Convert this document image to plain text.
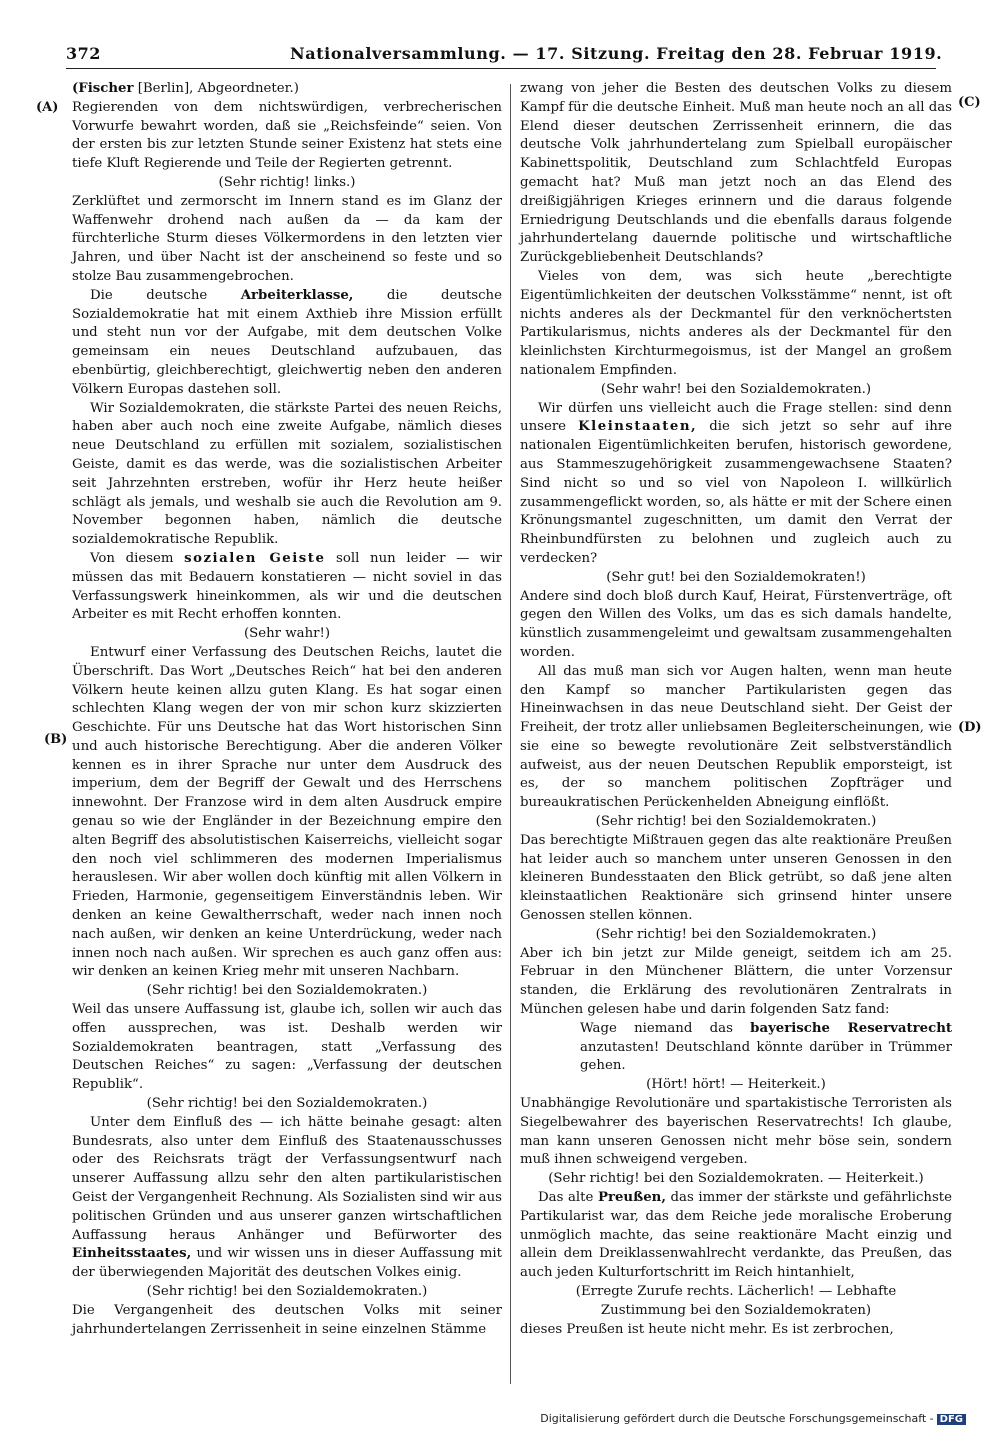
372	Nationalversammlung. — 17. Sitzung. Freitag den 28. Februar 1919.
(A)
(B)
(C)
(D)

(Fischer [Berlin], Abgeordneter.)

Regierenden von dem nichtswürdigen, verbrecherischen Vorwurfe bewahrt worden, daß sie „Reichsfeinde“ seien. Von der ersten bis zur letzten Stunde seiner Existenz hat stets eine tiefe Kluft Regierende und Teile der Regierten getrennt.

(Sehr richtig! links.)

Zerklüftet und zermorscht im Innern stand es im Glanz der Waffenwehr drohend nach außen da — da kam der fürchterliche Sturm dieses Völkermordens in den letzten vier Jahren, und über Nacht ist der anscheinend so feste und so stolze Bau zusammengebrochen.

Die deutsche Arbeiterklasse, die deutsche Sozialdemokratie hat mit einem Axthieb ihre Mission erfüllt und steht nun vor der Aufgabe, mit dem deutschen Volke gemeinsam ein neues Deutschland aufzubauen, das ebenbürtig, gleichberechtigt, gleichwertig neben den anderen Völkern Europas dastehen soll.

Wir Sozialdemokraten, die stärkste Partei des neuen Reichs, haben aber auch noch eine zweite Aufgabe, nämlich dieses neue Deutschland zu erfüllen mit sozialem, sozialistischen Geiste, damit es das werde, was die sozialistischen Arbeiter seit Jahrzehnten erstreben, wofür ihr Herz heute heißer schlägt als jemals, und weshalb sie auch die Revolution am 9. November begonnen haben, nämlich die deutsche sozialdemokratische Republik.

Von diesem sozialen Geiste soll nun leider — wir müssen das mit Bedauern konstatieren — nicht soviel in das Verfassungswerk hineinkommen, als wir und die deutschen Arbeiter es mit Recht erhoffen konnten.

(Sehr wahr!)

Entwurf einer Verfassung des Deutschen Reichs, lautet die Überschrift. Das Wort „Deutsches Reich“ hat bei den anderen Völkern heute keinen allzu guten Klang. Es hat sogar einen schlechten Klang wegen der von mir schon kurz skizzierten Geschichte. Für uns Deutsche hat das Wort historischen Sinn und auch historische Berechtigung. Aber die anderen Völker kennen es in ihrer Sprache nur unter dem Ausdruck des imperium, dem der Begriff der Gewalt und des Herrschens innewohnt. Der Franzose wird in dem alten Ausdruck empire genau so wie der Engländer in der Bezeichnung empire den alten Begriff des absolutistischen Kaiserreichs, vielleicht sogar den noch viel schlimmeren des modernen Imperialismus herauslesen. Wir aber wollen doch künftig mit allen Völkern in Frieden, Harmonie, gegenseitigem Einverständnis leben. Wir denken an keine Gewaltherrschaft, weder nach innen noch nach außen, wir denken an keine Unterdrückung, weder nach innen noch nach außen. Wir sprechen es auch ganz offen aus: wir denken an keinen Krieg mehr mit unseren Nachbarn.

(Sehr richtig! bei den Sozialdemokraten.)

Weil das unsere Auffassung ist, glaube ich, sollen wir auch das offen aussprechen, was ist. Deshalb werden wir Sozialdemokraten beantragen, statt „Verfassung des Deutschen Reiches“ zu sagen: „Verfassung der deutschen Republik“.

(Sehr richtig! bei den Sozialdemokraten.)

Unter dem Einfluß des — ich hätte beinahe gesagt: alten Bundesrats, also unter dem Einfluß des Staatenausschusses oder des Reichsrats trägt der Verfassungsentwurf nach unserer Auffassung allzu sehr den alten partikularistischen Geist der Vergangenheit Rechnung. Als Sozialisten sind wir aus politischen Gründen und aus unserer ganzen wirtschaftlichen Auffassung heraus Anhänger und Befürworter des Einheitsstaates, und wir wissen uns in dieser Auffassung mit der überwiegenden Majorität des deutschen Volkes einig.

(Sehr richtig! bei den Sozialdemokraten.)

Die Vergangenheit des deutschen Volks mit seiner jahrhundertelangen Zerrissenheit in seine einzelnen Stämme

zwang von jeher die Besten des deutschen Volks zu diesem Kampf für die deutsche Einheit. Muß man heute noch an all das Elend dieser deutschen Zerrissenheit erinnern, die das deutsche Volk jahrhundertelang zum Spielball europäischer Kabinettspolitik, Deutschland zum Schlachtfeld Europas gemacht hat? Muß man jetzt noch an das Elend des dreißigjährigen Krieges erinnern und die daraus folgende Erniedrigung Deutschlands und die ebenfalls daraus folgende jahrhundertelang dauernde politische und wirtschaftliche Zurückgebliebenheit Deutschlands?

Vieles von dem, was sich heute „berechtigte Eigentümlichkeiten der deutschen Volksstämme“ nennt, ist oft nichts anderes als der Deckmantel für den verknöchertsten Partikularismus, nichts anderes als der Deckmantel für den kleinlichsten Kirchturmegoismus, ist der Mangel an großem nationalem Empfinden.

(Sehr wahr! bei den Sozialdemokraten.)

Wir dürfen uns vielleicht auch die Frage stellen: sind denn unsere Kleinstaaten, die sich jetzt so sehr auf ihre nationalen Eigentümlichkeiten berufen, historisch gewordene, aus Stammeszugehörigkeit zusammengewachsene Staaten? Sind nicht so und so viel von Napoleon I. willkürlich zusammengeflickt worden, so, als hätte er mit der Schere einen Krönungsmantel zugeschnitten, um damit den Verrat der Rheinbundfürsten zu belohnen und zugleich auch zu verdecken?

(Sehr gut! bei den Sozialdemokraten!)

Andere sind doch bloß durch Kauf, Heirat, Fürstenverträge, oft gegen den Willen des Volks, um das es sich damals handelte, künstlich zusammengeleimt und gewaltsam zusammengehalten worden.

All das muß man sich vor Augen halten, wenn man heute den Kampf so mancher Partikularisten gegen das Hineinwachsen in das neue Deutschland sieht. Der Geist der Freiheit, der trotz aller unliebsamen Begleiterscheinungen, wie sie eine so bewegte revolutionäre Zeit selbstverständlich aufweist, aus der neuen Deutschen Republik emporsteigt, ist es, der so manchem politischen Zopfträger und bureaukratischen Perückenhelden Abneigung einflößt.

(Sehr richtig! bei den Sozialdemokraten.)

Das berechtigte Mißtrauen gegen das alte reaktionäre Preußen hat leider auch so manchem unter unseren Genossen in den kleineren Bundesstaaten den Blick getrübt, so daß jene alten kleinstaatlichen Reaktionäre sich grinsend hinter unsere Genossen stellen können.

(Sehr richtig! bei den Sozialdemokraten.)

Aber ich bin jetzt zur Milde geneigt, seitdem ich am 25. Februar in den Münchener Blättern, die unter Vorzensur standen, die Erklärung des revolutionären Zentralrats in München gelesen habe und darin folgenden Satz fand:

Wage niemand das bayerische Reservatrecht anzutasten! Deutschland könnte darüber in Trümmer gehen.

(Hört! hört! — Heiterkeit.)

Unabhängige Revolutionäre und spartakistische Terroristen als Siegelbewahrer des bayerischen Reservatrechts! Ich glaube, man kann unseren Genossen nicht mehr böse sein, sondern muß ihnen schweigend vergeben.

(Sehr richtig! bei den Sozialdemokraten. — Heiterkeit.)

Das alte Preußen, das immer der stärkste und gefährlichste Partikularist war, das dem Reiche jede moralische Eroberung unmöglich machte, das seine reaktionäre Macht einzig und allein dem Dreiklassenwahlrecht verdankte, das Preußen, das auch jeden Kulturfortschritt im Reich hintanhielt,

(Erregte Zurufe rechts. Lächerlich! — Lebhafte

Zustimmung bei den Sozialdemokraten)

dieses Preußen ist heute nicht mehr. Es ist zerbrochen,

Digitalisierung gefördert durch die Deutsche Forschungsgemeinschaft - DFG
